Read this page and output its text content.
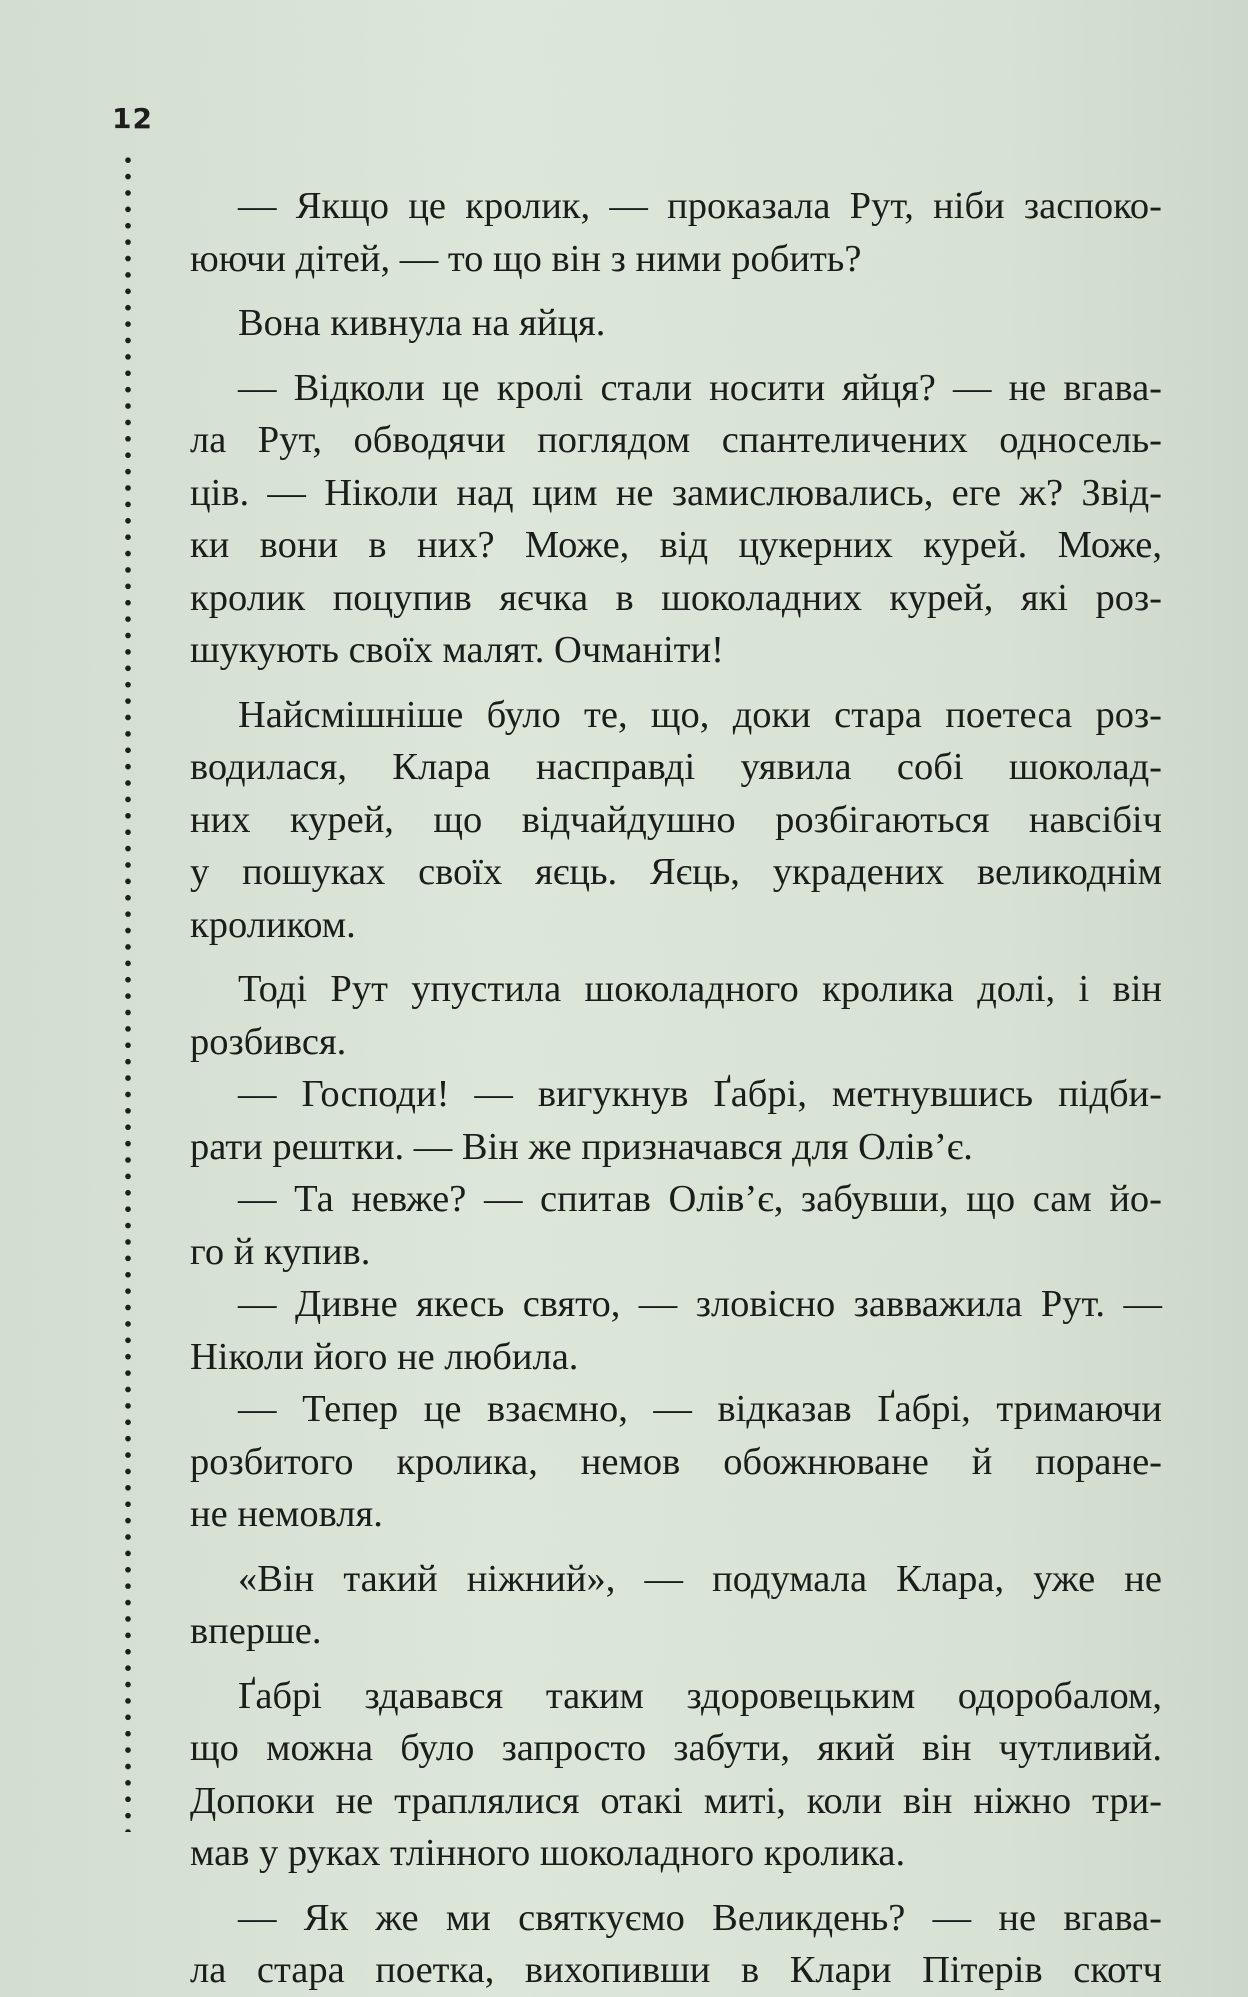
12

— Якщо це кролик, — проказала Рут, ніби заспоко-

юючи дітей, — то що він з ними робить?

Вона кивнула на яйця.

— Відколи це кролі стали носити яйця? — не вгава-

ла Рут, обводячи поглядом спантеличених односель-

ців. — Ніколи над цим не замислювались, еге ж? Звід-

ки вони в них? Може, від цукерних курей. Може,

кролик поцупив яєчка в шоколадних курей, які роз-

шукують своїх малят. Очманіти!

Найсмішніше було те, що, доки стара поетеса роз-

водилася, Клара насправді уявила собі шоколад-

них курей, що відчайдушно розбігаються навсібіч

у пошуках своїх яєць. Яєць, украдених великоднім

кроликом.

Тоді Рут упустила шоколадного кролика долі, і він

розбився.

— Господи! — вигукнув Ґабрі, метнувшись підби-

рати рештки. — Він же призначався для Олів’є.

— Та невже? — спитав Олів’є, забувши, що сам йо-

го й купив.

— Дивне якесь свято, — зловісно завважила Рут. —

Ніколи його не любила.

— Тепер це взаємно, — відказав Ґабрі, тримаючи

розбитого кролика, немов обожнюване й поране-

не немовля.

«Він такий ніжний», — подумала Клара, уже не

вперше.

Ґабрі здавався таким здоровецьким одоробалом,

що можна було запросто забути, який він чутливий.

Допоки не траплялися отакі миті, коли він ніжно три-

мав у руках тлінного шоколадного кролика.

— Як же ми святкуємо Великдень? — не вгава-

ла стара поетка, вихопивши в Клари Пітерів скотч
